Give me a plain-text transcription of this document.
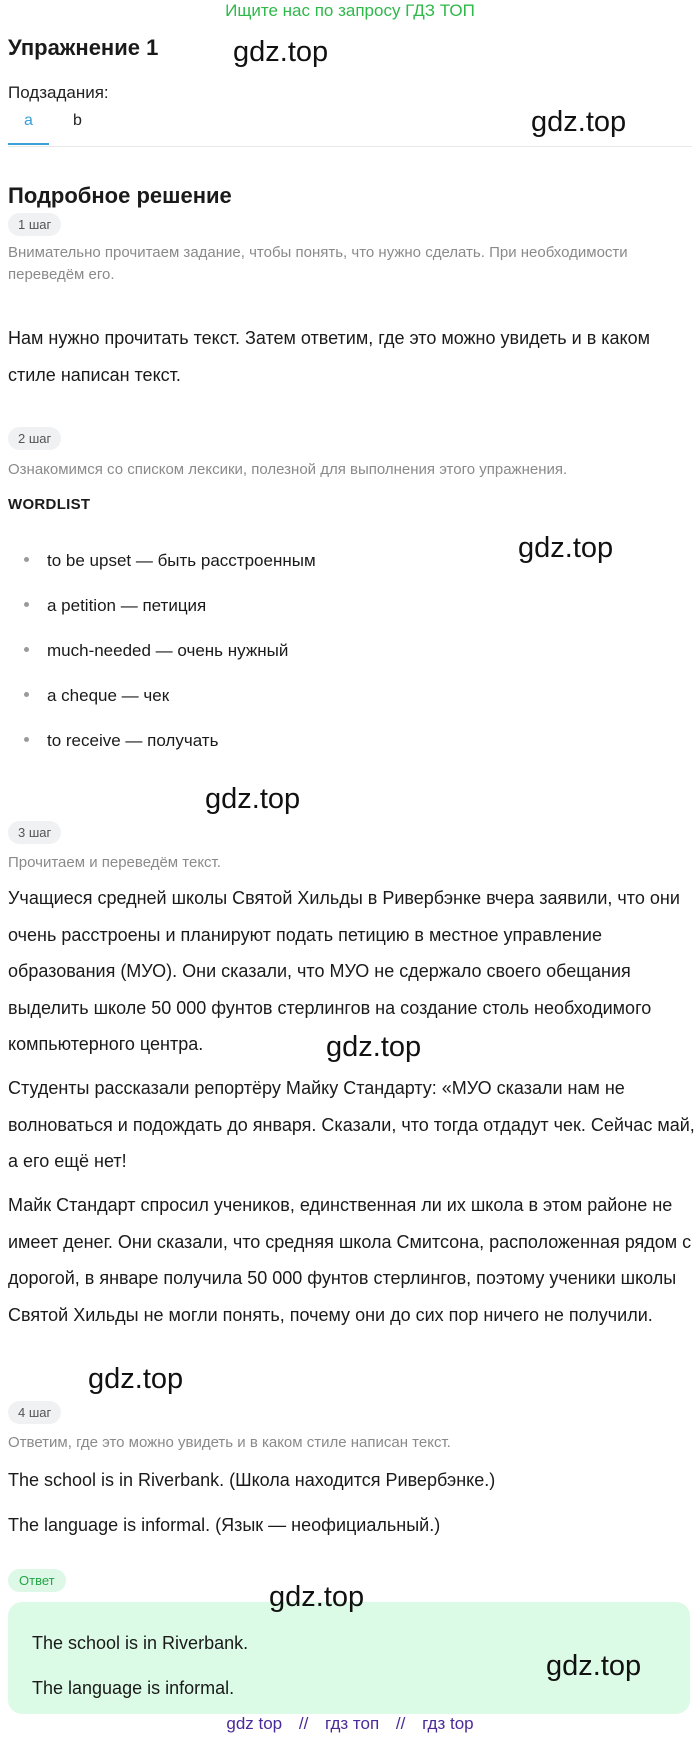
Ищите нас по запросу ГДЗ ТОП
Упражнение 1
Подзадания:
a	b
Подробное решение
1 шаг
Внимательно прочитаем задание, чтобы понять, что нужно сделать. При необходимости переведём его.
Нам нужно прочитать текст. Затем ответим, где это можно увидеть и в каком стиле написан текст.
2 шаг
Ознакомимся со списком лексики, полезной для выполнения этого упражнения.
WORDLIST
to be upset — быть расстроенным
a petition — петиция
much-needed — очень нужный
a cheque — чек
to receive — получать
3 шаг
Прочитаем и переведём текст.
Учащиеся средней школы Святой Хильды в Ривербэнке вчера заявили, что они очень расстроены и планируют подать петицию в местное управление образования (МУО). Они сказали, что МУО не сдержало своего обещания выделить школе 50 000 фунтов стерлингов на создание столь необходимого компьютерного центра.
Студенты рассказали репортёру Майку Стандарту: «МУО сказали нам не волноваться и подождать до января. Сказали, что тогда отдадут чек. Сейчас май, а его ещё нет!
Майк Стандарт спросил учеников, единственная ли их школа в этом районе не имеет денег. Они сказали, что средняя школа Смитсона, расположенная рядом с дорогой, в январе получила 50 000 фунтов стерлингов, поэтому ученики школы Святой Хильды не могли понять, почему они до сих пор ничего не получили.
4 шаг
Ответим, где это можно увидеть и в каком стиле написан текст.
The school is in Riverbank. (Школа находится Ривербэнке.)
The language is informal. (Язык — неофициальный.)
Ответ
The school is in Riverbank.
The language is informal.
gdz.top
gdz.top
gdz.top
gdz.top
gdz.top
gdz.top
gdz.top
gdz.top
gdz top // гдз топ // гдз top
